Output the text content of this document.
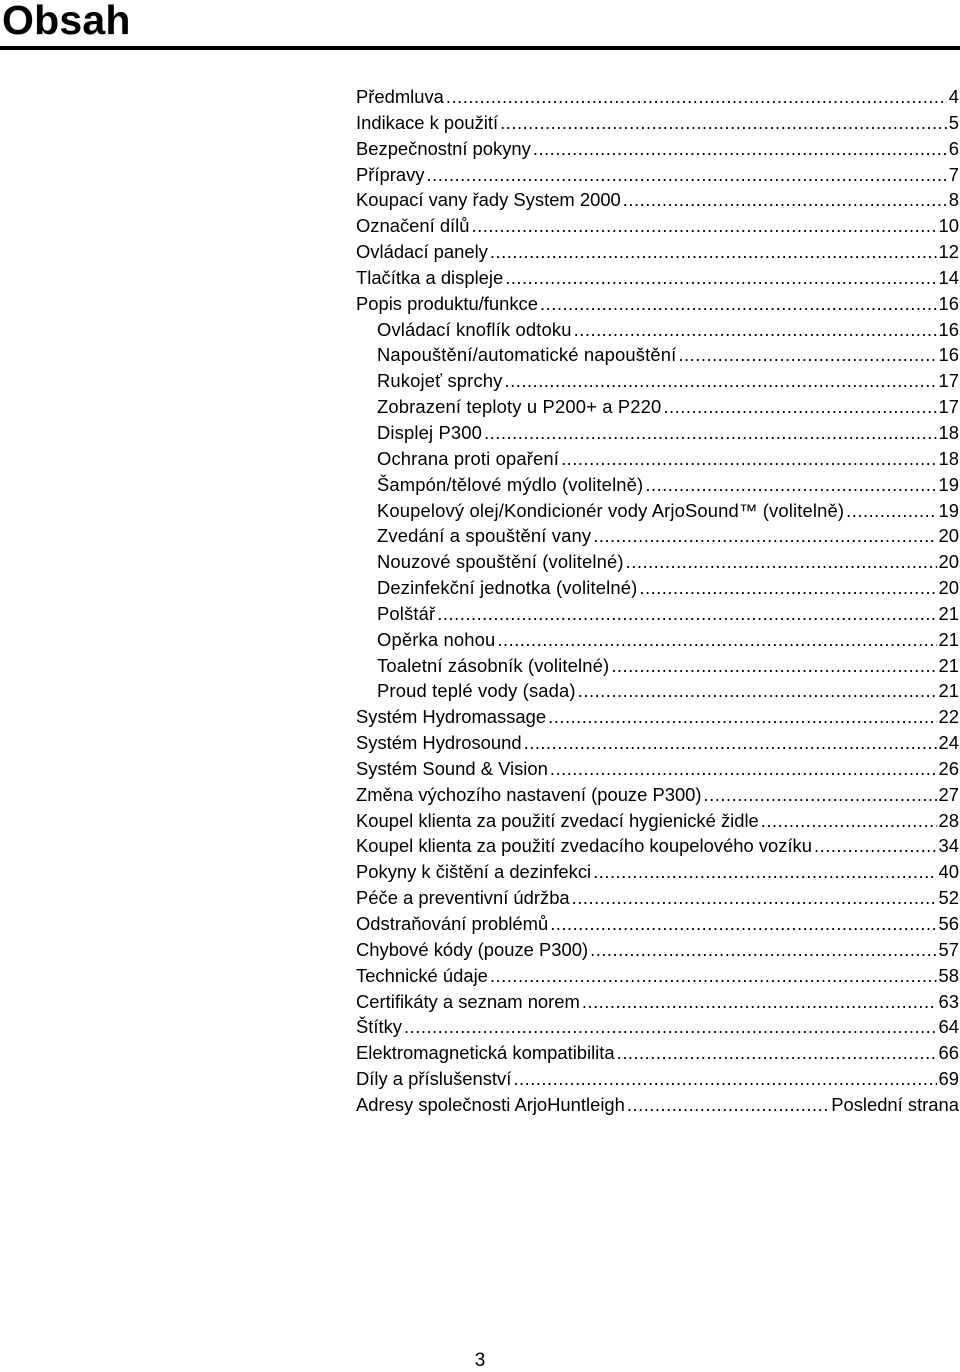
Obsah
Předmluva .....	4
Indikace k použití .....	5
Bezpečnostní pokyny .....	6
Přípravy .....	7
Koupací vany řady System 2000 .....	8
Označení dílů .....	10
Ovládací panely .....	12
Tlačítka a displeje .....	14
Popis produktu/funkce .....	16
Ovládací knoflík odtoku .....	16
Napouštění/automatické napouštění .....	16
Rukojeť sprchy .....	17
Zobrazení teploty u P200+ a P220 .....	17
Displej P300 .....	18
Ochrana proti opaření .....	18
Šampón/tělové mýdlo (volitelně) .....	19
Koupelový olej/Kondicionér vody ArjoSound™ (volitelně) .....	19
Zvedání a spouštění vany .....	20
Nouzové spouštění (volitelné) .....	20
Dezinfekční jednotka (volitelné) .....	20
Polštář .....	21
Opěrka nohou .....	21
Toaletní zásobník (volitelné) .....	21
Proud teplé vody (sada) .....	21
Systém Hydromassage .....	22
Systém Hydrosound .....	24
Systém Sound & Vision .....	26
Změna výchozího nastavení (pouze P300) .....	27
Koupel klienta za použití zvedací hygienické židle .....	28
Koupel klienta za použití zvedacího koupelového vozíku .....	34
Pokyny k čištění a dezinfekci .....	40
Péče a preventivní údržba .....	52
Odstraňování problémů .....	56
Chybové kódy (pouze P300) .....	57
Technické údaje .....	58
Certifikáty a seznam norem .....	63
Štítky .....	64
Elektromagnetická kompatibilita .....	66
Díly a příslušenství .....	69
Adresy společnosti ArjoHuntleigh .....	Poslední strana
3
